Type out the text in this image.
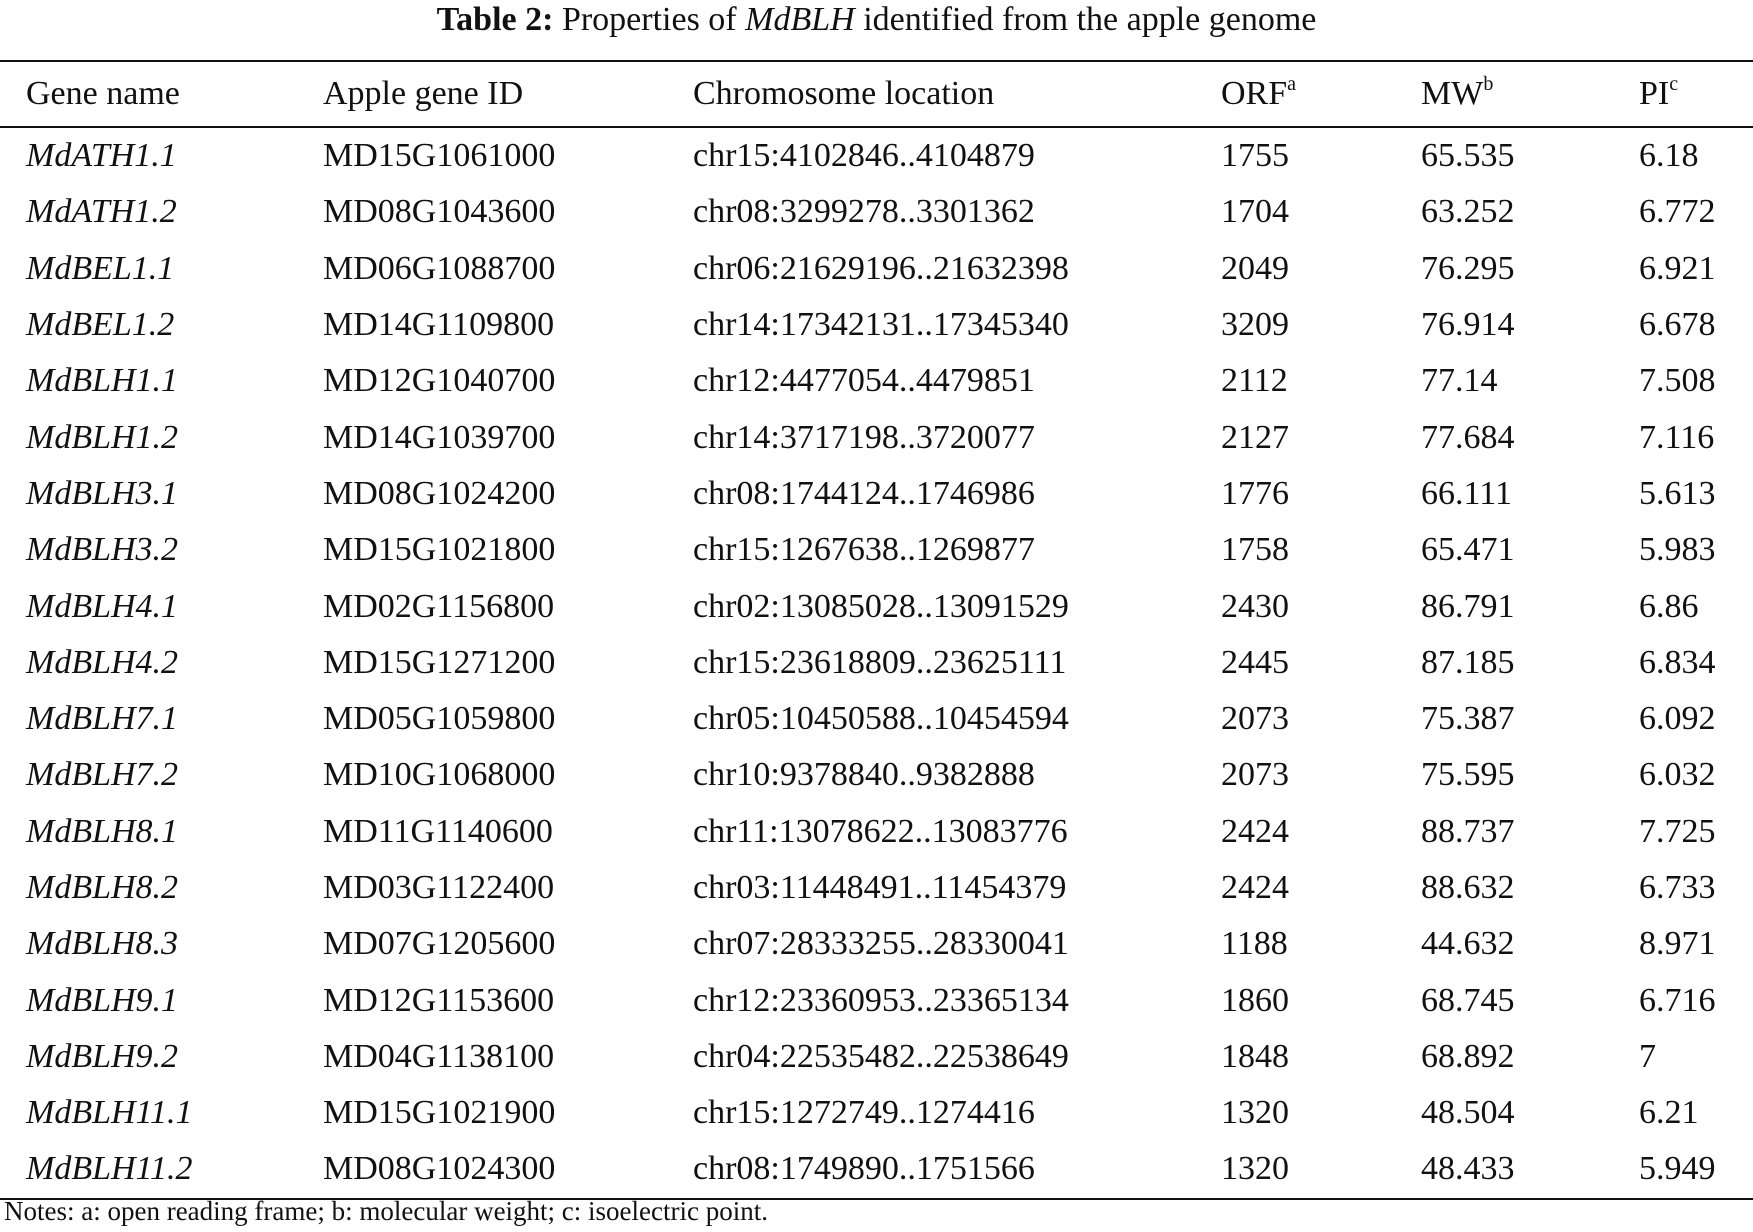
Table 2: Properties of MdBLH identified from the apple genome
Gene name	Apple gene ID	Chromosome location	ORF$^a$	$MW^b$	$PI^c$
MdATH1.1	MD15G1061000	chr15:4102846..4104879	1755	65.535	6.18
MdATH1.2	MD08G1043600	chr08:3299278..3301362	1704	63.252	6.772
MdBEL1.1	MD06G1088700	chr06:21629196..21632398	2049	76.295	6.921
MdBEL1.2	MD14G1109800	chr14:17342131..17345340	3209	76.914	6.678
MdBLH1.1	MD12G1040700	chr12:4477054..4479851	2112	77.14	7.508
MdBLH1.2	MD14G1039700	chr14:3717198..3720077	2127	77.684	7.116
MdBLH3.1	MD08G1024200	chr08:1744124..1746986	1776	66.111	5.613
MdBLH3.2	MD15G1021800	chr15:1267638..1269877	1758	65.471	5.983
MdBLH4.1	MD02G1156800	chr02:13085028..13091529	2430	86.791	6.86
MdBLH4.2	MD15G1271200	chr15:23618809..23625111	2445	87.185	6.834
MdBLH7.1	MD05G1059800	chr05:10450588..10454594	2073	75.387	6.092
MdBLH7.2	MD10G1068000	chr10:9378840..9382888	2073	75.595	6.032
MdBLH8.1	MD11G1140600	chr11:13078622..13083776	2424	88.737	7.725
MdBLH8.2	MD03G1122400	chr03:11448491..11454379	2424	88.632	6.733
MdBLH8.3	MD07G1205600	chr07:28333255..28330041	1188	44.632	8.971
MdBLH9.1	MD12G1153600	chr12:23360953..23365134	1860	68.745	6.716
MdBLH9.2	MD04G1138100	chr04:22535482..22538649	1848	68.892	7
MdBLH11.1	MD15G1021900	chr15:1272749..1274416	1320	48.504	6.21
MdBLH11.2	MD08G1024300	chr08:1749890..1751566	1320	48.433	5.949
Notes: a: open reading frame; b: molecular weight; c: isoelectric point.
